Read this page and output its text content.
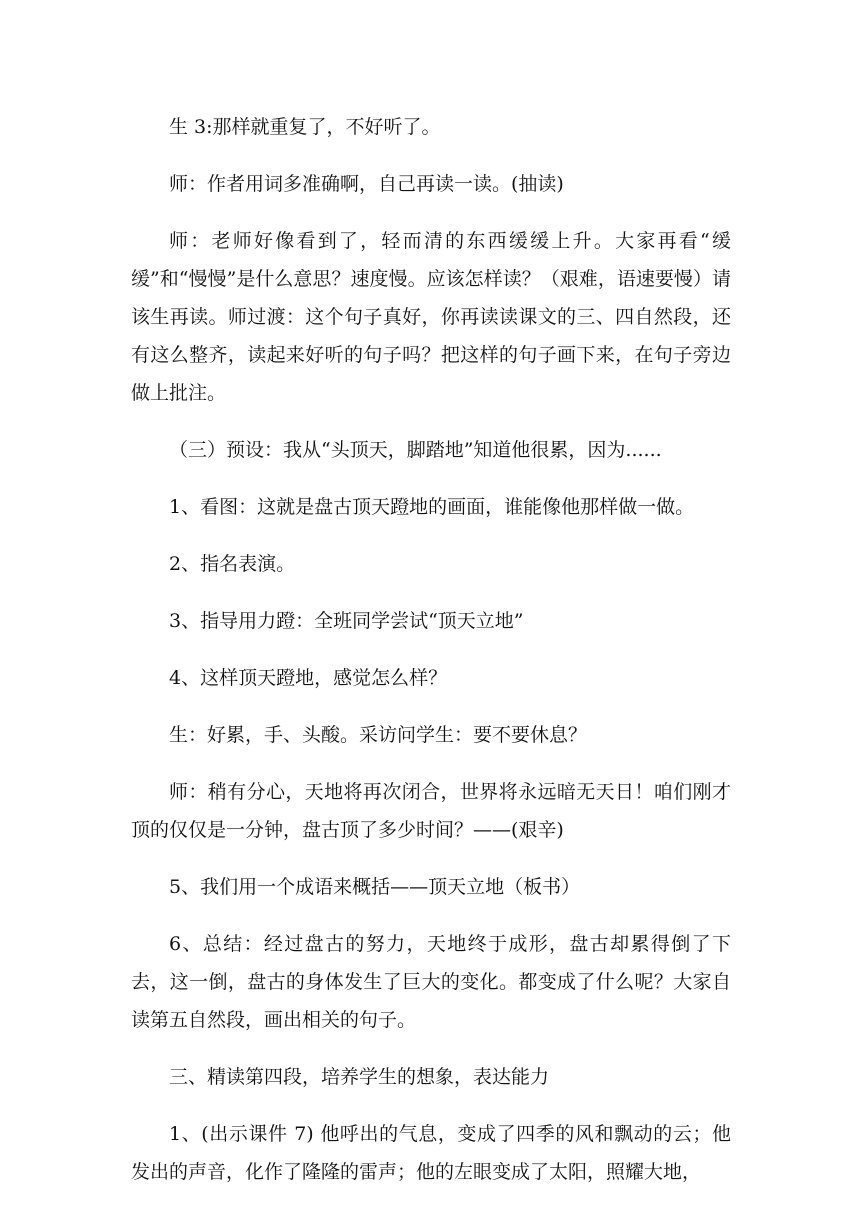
生 3:那样就重复了，不好听了。

师：作者用词多准确啊，自己再读一读。(抽读)

师：老师好像看到了，轻而清的东西缓缓上升。大家再看“缓缓”和“慢慢”是什么意思？速度慢。应该怎样读？（艰难，语速要慢）请该生再读。师过渡：这个句子真好，你再读读课文的三、四自然段，还有这么整齐，读起来好听的句子吗？把这样的句子画下来，在句子旁边做上批注。

（三）预设：我从“头顶天，脚踏地”知道他很累，因为......

1、看图：这就是盘古顶天蹬地的画面，谁能像他那样做一做。

2、指名表演。

3、指导用力蹬：全班同学尝试“顶天立地”

4、这样顶天蹬地，感觉怎么样？

生：好累，手、头酸。采访问学生：要不要休息？

师：稍有分心，天地将再次闭合，世界将永远暗无天日！咱们刚才顶的仅仅是一分钟，盘古顶了多少时间？——(艰辛)

5、我们用一个成语来概括——顶天立地（板书）

6、总结：经过盘古的努力，天地终于成形，盘古却累得倒了下去，这一倒，盘古的身体发生了巨大的变化。都变成了什么呢？大家自读第五自然段，画出相关的句子。

三、精读第四段，培养学生的想象，表达能力

1、(出示课件 7) 他呼出的气息，变成了四季的风和飘动的云；他发出的声音，化作了隆隆的雷声；他的左眼变成了太阳，照耀大地，
